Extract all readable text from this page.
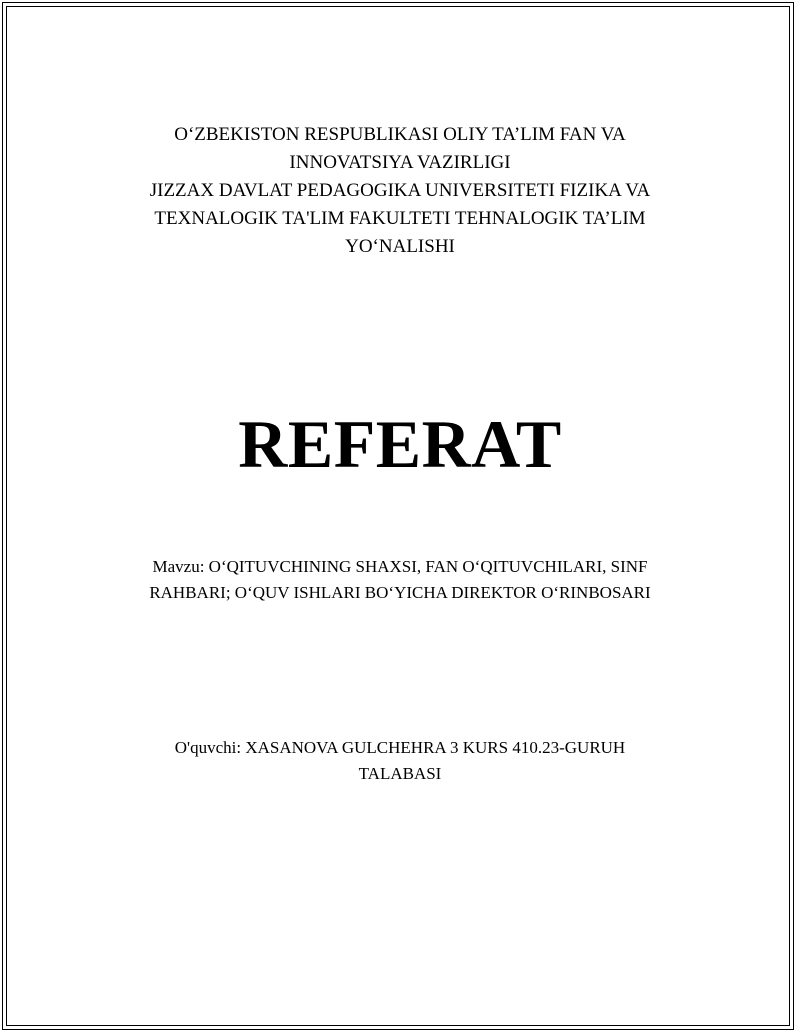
O‘ZBEKISTON RESPUBLIKASI OLIY TA’LIM FAN VA
INNOVATSIYA VAZIRLIGI
JIZZAX DAVLAT PEDAGOGIKA UNIVERSITETI FIZIKA VA
TEXNALOGIK TA'LIM FAKULTETI TEHNALOGIK TA’LIM
YO‘NALISHI
REFERAT
Mavzu: O‘QITUVCHINING SHAXSI, FAN O‘QITUVCHILARI, SINF
RAHBARI; O‘QUV ISHLARI BO‘YICHA DIREKTOR O‘RINBOSARI
O'quvchi: XASANOVA GULCHEHRA 3 KURS 410.23-GURUH
TALABASI
